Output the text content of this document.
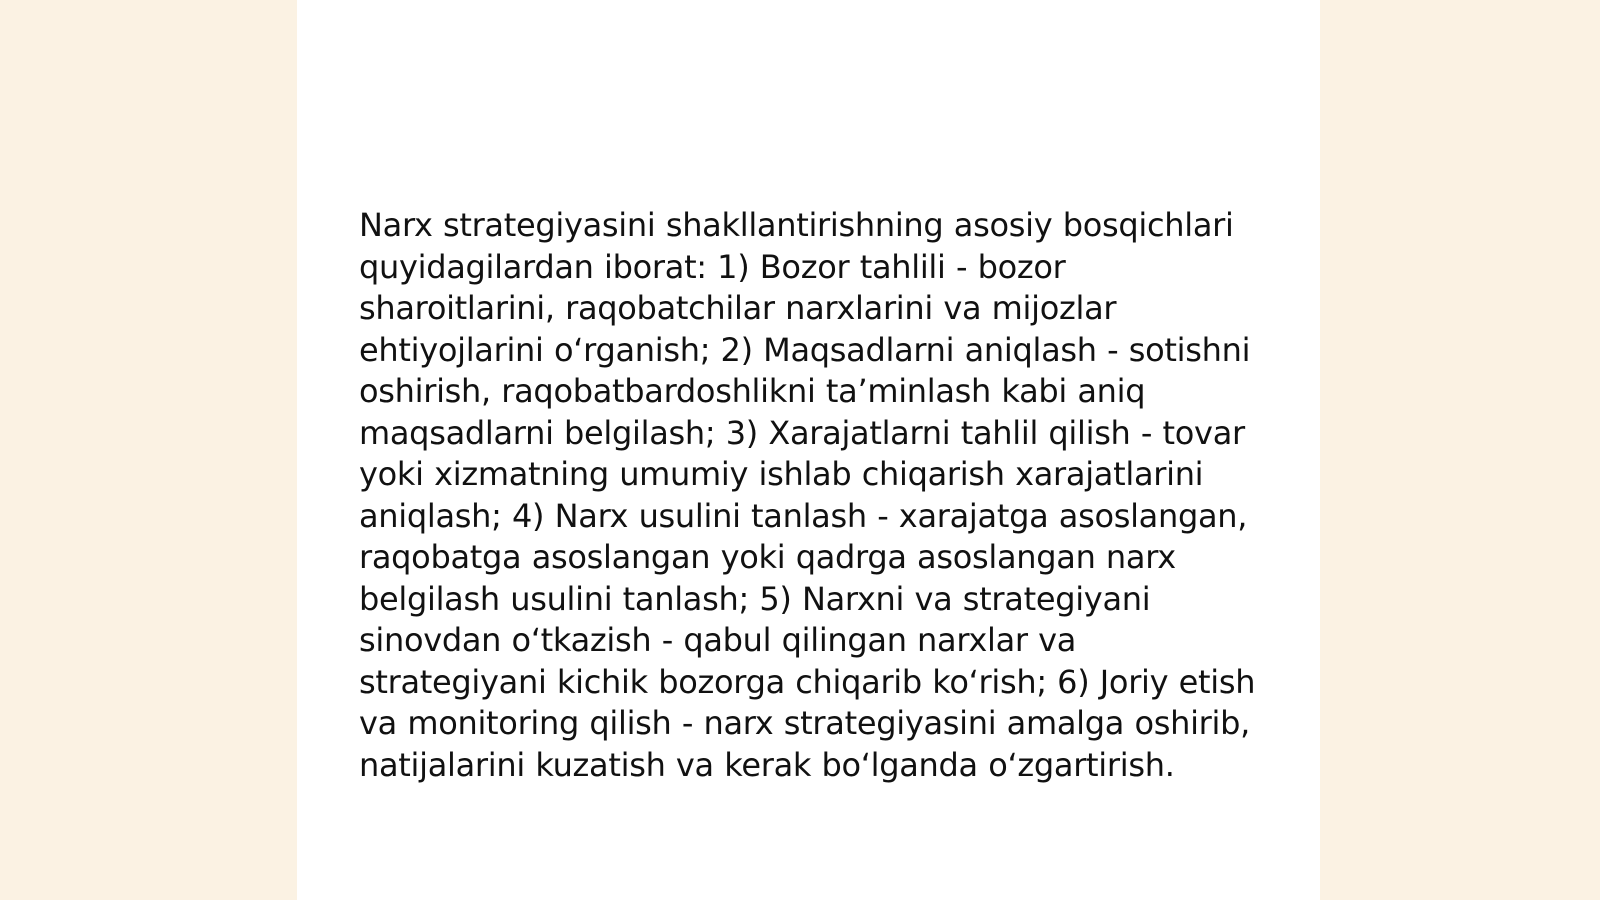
Narx strategiyasini shakllantirishning asosiy bosqichlari quyidagilardan iborat: 1) Bozor tahlili - bozor sharoitlarini, raqobatchilar narxlarini va mijozlar ehtiyojlarini o‘rganish; 2) Maqsadlarni aniqlash - sotishni oshirish, raqobatbardoshlikni ta’minlash kabi aniq maqsadlarni belgilash; 3) Xarajatlarni tahlil qilish - tovar yoki xizmatning umumiy ishlab chiqarish xarajatlarini aniqlash; 4) Narx usulini tanlash - xarajatga asoslangan, raqobatga asoslangan yoki qadrga asoslangan narx belgilash usulini tanlash; 5) Narxni va strategiyani sinovdan o‘tkazish - qabul qilingan narxlar va strategiyani kichik bozorga chiqarib ko‘rish; 6) Joriy etish va monitoring qilish - narx strategiyasini amalga oshirib, natijalarini kuzatish va kerak bo‘lganda o‘zgartirish.
